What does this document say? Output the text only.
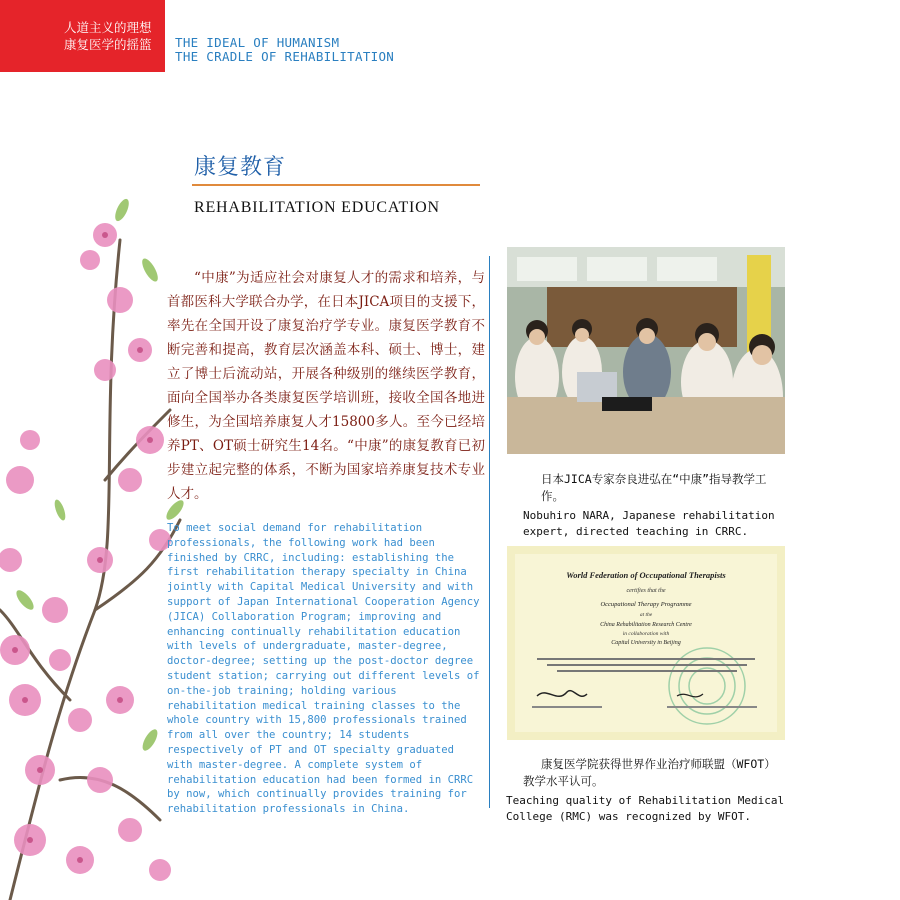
人道主义的理想
康复医学的摇篮 THE IDEAL OF HUMANISM
THE CRADLE OF REHABILITATION
康复教育
REHABILITATION EDUCATION

“中康”为适应社会对康复人才的需求和培养，与首都医科大学联合办学，在日本JICA项目的支援下，率先在全国开设了康复治疗学专业。康复医学教育不断完善和提高，教育层次涵盖本科、硕士、博士，建立了博士后流动站，开展各种级别的继续医学教育，面向全国举办各类康复医学培训班，接收全国各地进修生，为全国培养康复人才15800多人。至今已经培养PT、OT硕士研究生14名。“中康”的康复教育已初步建立起完整的体系，不断为国家培养康复技术专业人才。

To meet social demand for rehabilitation professionals, the following work had been finished by CRRC, including: establishing the first rehabilitation therapy specialty in China jointly with Capital Medical University and with support of Japan International Cooperation Agency (JICA) Collaboration Program; improving and enhancing continually rehabilitation education with levels of undergraduate, master-degree, doctor-degree; setting up the post-doctor degree student station; carrying out different levels of on-the-job training; holding various rehabilitation medical training classes to the whole country with 15,800 professionals trained from all over the country; 14 students respectively of PT and OT specialty graduated with master-degree. A complete system of rehabilitation education had been formed in CRRC by now, which continually provides training for rehabilitation professionals in China.

日本JICA专家奈良进弘在“中康”指导教学工作。
Nobuhiro NARA, Japanese rehabilitation expert, directed teaching in CRRC.
World Federation of Occupational Therapists
certifies that the
Occupational Therapy Programme
at the
China Rehabilitation Research Centre
in collaboration with
Capital University in Beijing
康复医学院获得世界作业治疗师联盟（WFOT）教学水平认可。
Teaching quality of Rehabilitation Medical College (RMC) was recognized by WFOT.
